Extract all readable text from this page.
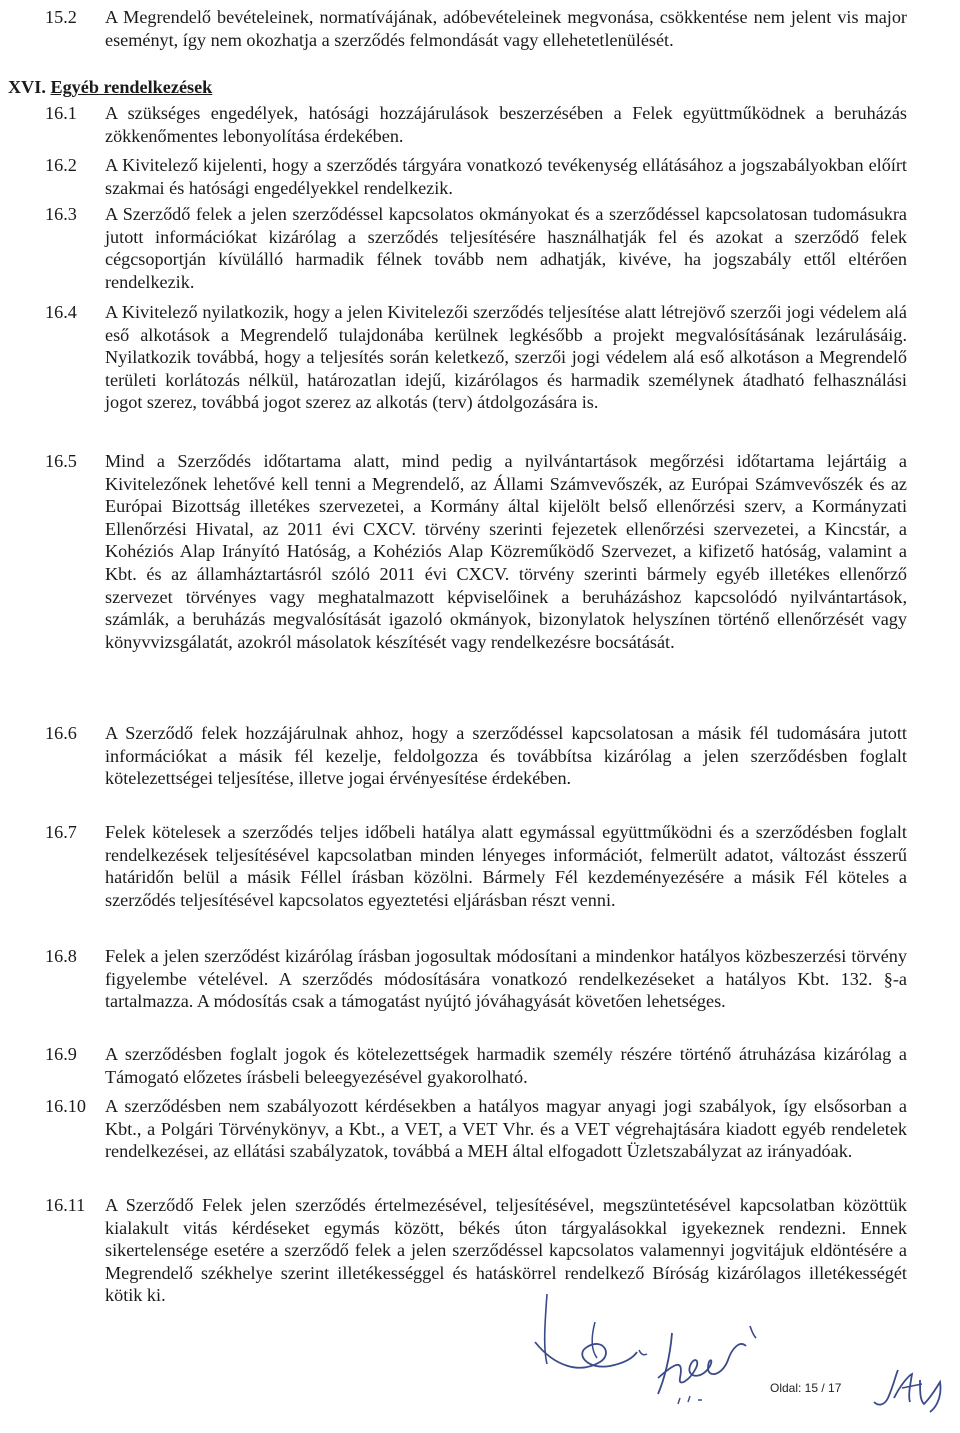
15.2 A Megrendelő bevételeinek, normatívájának, adóbevételeinek megvonása, csökkentése nem jelent vis major eseményt, így nem okozhatja a szerződés felmondását vagy ellehetetlenülését.
XVI. Egyéb rendelkezések
16.1 A szükséges engedélyek, hatósági hozzájárulások beszerzésében a Felek együttműködnek a beruházás zökkenőmentes lebonyolítása érdekében.
16.2 A Kivitelező kijelenti, hogy a szerződés tárgyára vonatkozó tevékenység ellátásához a jogszabályokban előírt szakmai és hatósági engedélyekkel rendelkezik.
16.3 A Szerződő felek a jelen szerződéssel kapcsolatos okmányokat és a szerződéssel kapcsolatosan tudomásukra jutott információkat kizárólag a szerződés teljesítésére használhatják fel és azokat a szerződő felek cégcsoportján kívülálló harmadik félnek tovább nem adhatják, kivéve, ha jogszabály ettől eltérően rendelkezik.
16.4 A Kivitelező nyilatkozik, hogy a jelen Kivitelezői szerződés teljesítése alatt létrejövő szerzői jogi védelem alá eső alkotások a Megrendelő tulajdonába kerülnek legkésőbb a projekt megvalósításának lezárulásáig. Nyilatkozik továbbá, hogy a teljesítés során keletkező, szerzői jogi védelem alá eső alkotáson a Megrendelő területi korlátozás nélkül, határozatlan idejű, kizárólagos és harmadik személynek átadható felhasználási jogot szerez, továbbá jogot szerez az alkotás (terv) átdolgozására is.
16.5 Mind a Szerződés időtartama alatt, mind pedig a nyilvántartások megőrzési időtartama lejártáig a Kivitelezőnek lehetővé kell tenni a Megrendelő, az Állami Számvevőszék, az Európai Számvevőszék és az Európai Bizottság illetékes szervezetei, a Kormány által kijelölt belső ellenőrzési szerv, a Kormányzati Ellenőrzési Hivatal, az 2011 évi CXCV. törvény szerinti fejezetek ellenőrzési szervezetei, a Kincstár, a Kohéziós Alap Irányító Hatóság, a Kohéziós Alap Közreműködő Szervezet, a kifizető hatóság, valamint a Kbt. és az államháztartásról szóló 2011 évi CXCV. törvény szerinti bármely egyéb illetékes ellenőrző szervezet törvényes vagy meghatalmazott képviselőinek a beruházáshoz kapcsolódó nyilvántartások, számlák, a beruházás megvalósítását igazoló okmányok, bizonylatok helyszínen történő ellenőrzését vagy könyvvizsgálatát, azokról másolatok készítését vagy rendelkezésre bocsátását.
16.6 A Szerződő felek hozzájárulnak ahhoz, hogy a szerződéssel kapcsolatosan a másik fél tudomására jutott információkat a másik fél kezelje, feldolgozza és továbbítsa kizárólag a jelen szerződésben foglalt kötelezettségei teljesítése, illetve jogai érvényesítése érdekében.
16.7 Felek kötelesek a szerződés teljes időbeli hatálya alatt egymással együttműködni és a szerződésben foglalt rendelkezések teljesítésével kapcsolatban minden lényeges információt, felmerült adatot, változást ésszerű határidőn belül a másik Féllel írásban közölni. Bármely Fél kezdeményezésére a másik Fél köteles a szerződés teljesítésével kapcsolatos egyeztetési eljárásban részt venni.
16.8 Felek a jelen szerződést kizárólag írásban jogosultak módosítani a mindenkor hatályos közbeszerzési törvény figyelembe vételével. A szerződés módosítására vonatkozó rendelkezéseket a hatályos Kbt. 132. §-a tartalmazza. A módosítás csak a támogatást nyújtó jóváhagyását követően lehetséges.
16.9 A szerződésben foglalt jogok és kötelezettségek harmadik személy részére történő átruházása kizárólag a Támogató előzetes írásbeli beleegyezésével gyakorolható.
16.10 A szerződésben nem szabályozott kérdésekben a hatályos magyar anyagi jogi szabályok, így elsősorban a Kbt., a Polgári Törvénykönyv, a Kbt., a VET, a VET Vhr. és a VET végrehajtására kiadott egyéb rendeletek rendelkezései, az ellátási szabályzatok, továbbá a MEH által elfogadott Üzletszabályzat az irányadóak.
16.11 A Szerződő Felek jelen szerződés értelmezésével, teljesítésével, megszüntetésével kapcsolatban közöttük kialakult vitás kérdéseket egymás között, békés úton tárgyalásokkal igyekeznek rendezni. Ennek sikertelensége esetére a szerződő felek a jelen szerződéssel kapcsolatos valamennyi jogvitájuk eldöntésére a Megrendelő székhelye szerint illetékességgel és hatáskörrel rendelkező Bíróság kizárólagos illetékességét kötik ki.
Oldal: 15 / 17
